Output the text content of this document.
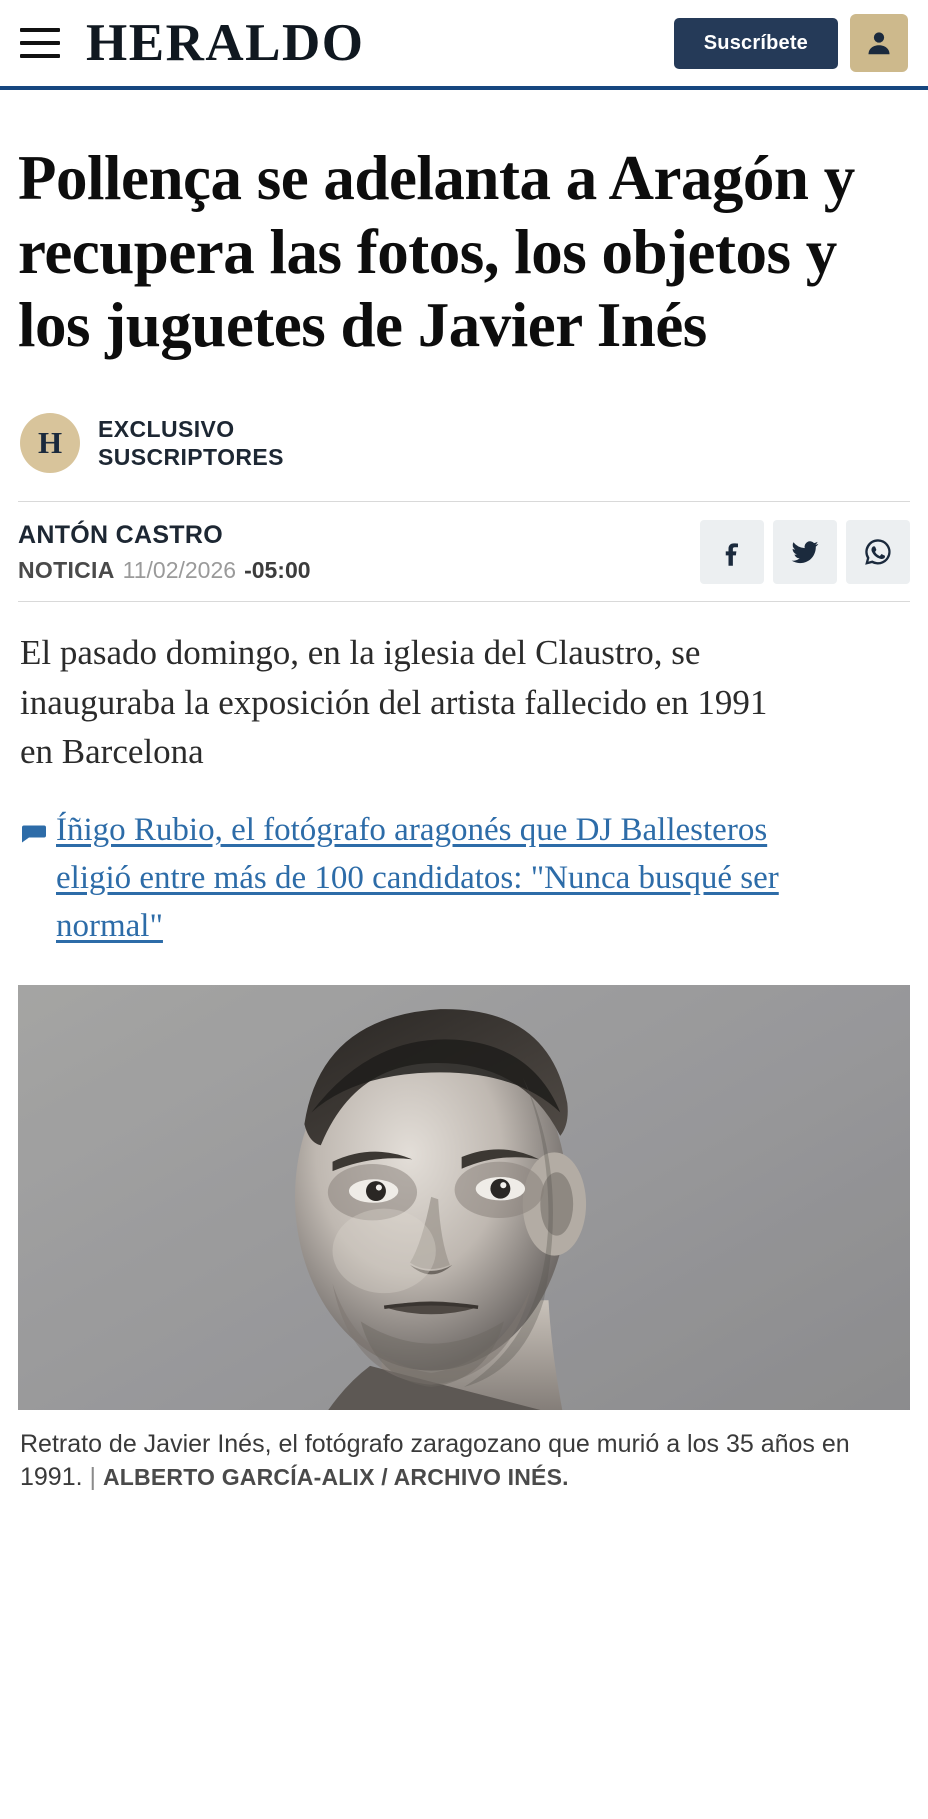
HERALDO	Suscríbete
Pollença se adelanta a Aragón y recupera las fotos, los objetos y los juguetes de Javier Inés
H	EXCLUSIVO
SUSCRIPTORES
ANTÓN CASTRO
NOTICIA 11/02/2026 -05:00

El pasado domingo, en la iglesia del Claustro, se inauguraba la exposición del artista fallecido en 1991 en Barcelona

Íñigo Rubio, el fotógrafo aragonés que DJ Ballesteros eligió entre más de 100 candidatos: "Nunca busqué ser normal"
Retrato de Javier Inés, el fotógrafo zaragozano que murió a los 35 años en 1991. | ALBERTO GARCÍA-ALIX / ARCHIVO INÉS.
